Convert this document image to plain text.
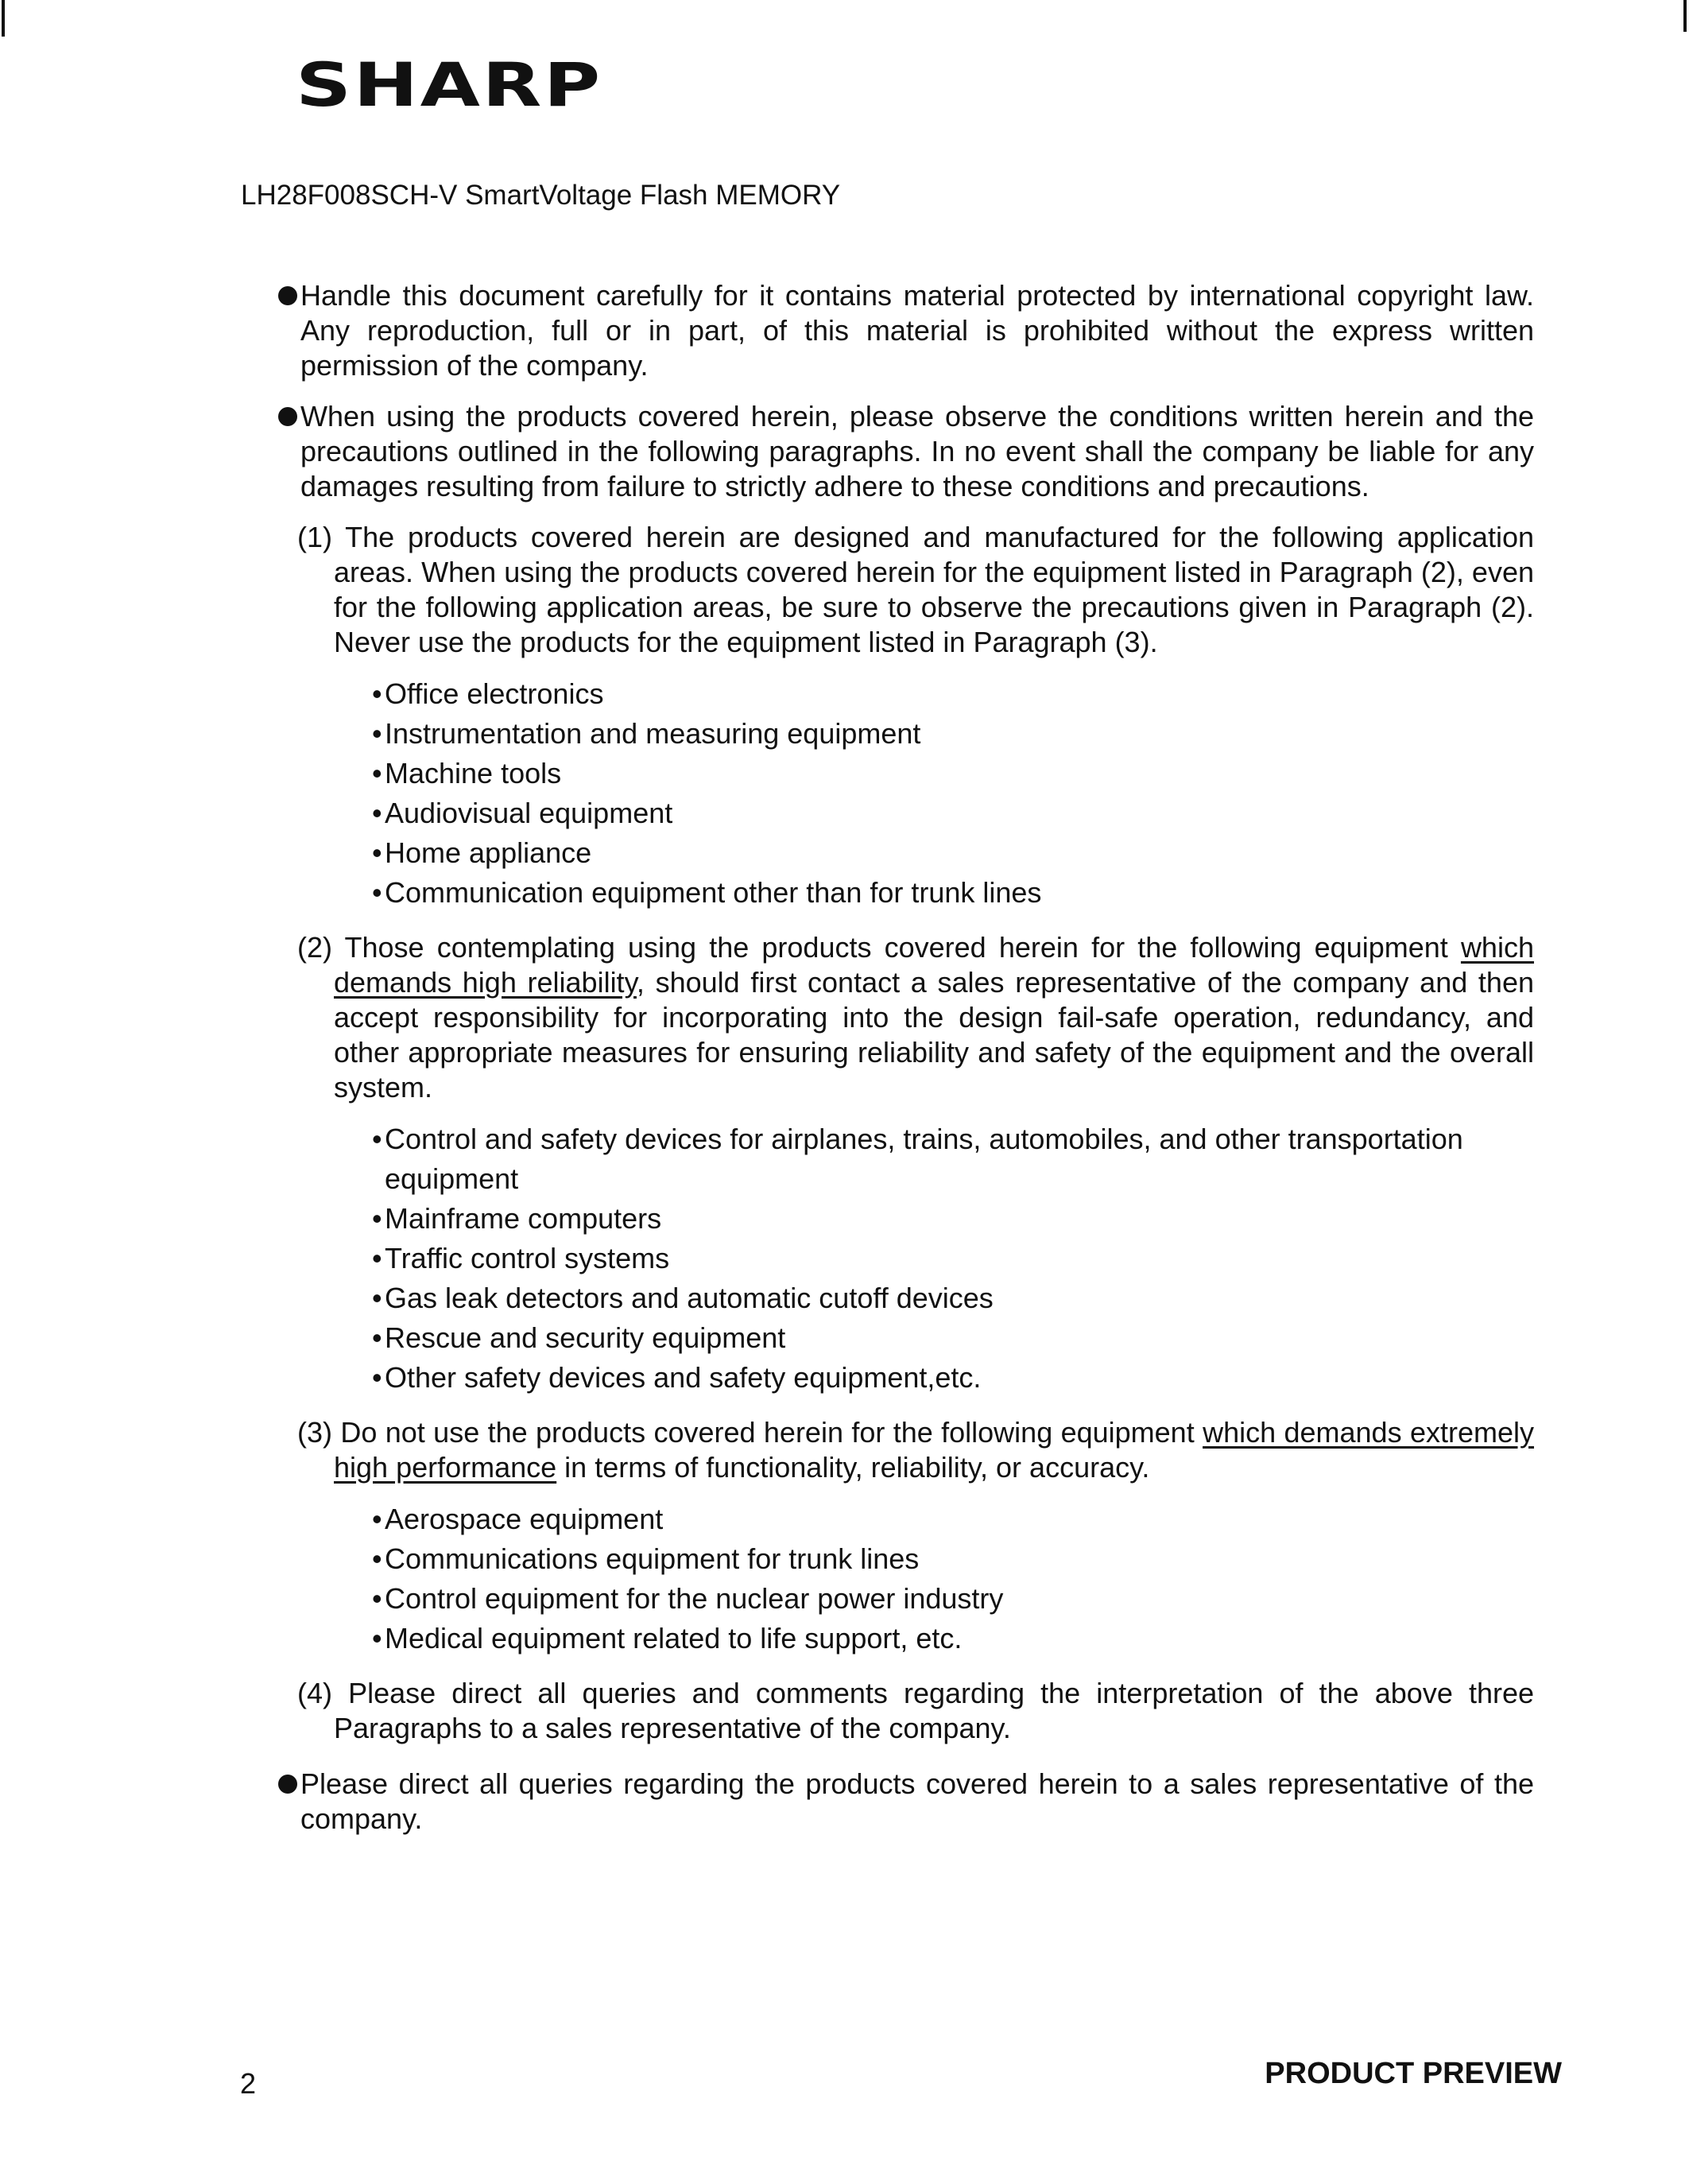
SHARP
LH28F008SCH-V SmartVoltage Flash MEMORY
Handle this document carefully for it contains material protected by international copyright law. Any reproduction, full or in part, of this material is prohibited without the express written permission of the company.
When using the products covered herein, please observe the conditions written herein and the precautions outlined in the following paragraphs. In no event shall the company be liable for any damages resulting from failure to strictly adhere to these conditions and precautions.
(1) The products covered herein are designed and manufactured for the following application areas. When using the products covered herein for the equipment listed in Paragraph (2), even for the following application areas, be sure to observe the precautions given in Paragraph (2). Never use the products for the equipment listed in Paragraph (3).
•Office electronics
•Instrumentation and measuring equipment
•Machine tools
•Audiovisual equipment
•Home appliance
•Communication equipment other than for trunk lines
(2) Those contemplating using the products covered herein for the following equipment which demands high reliability, should first contact a sales representative of the company and then accept responsibility for incorporating into the design fail-safe operation, redundancy, and other appropriate measures for ensuring reliability and safety of the equipment and the overall system.
•Control and safety devices for airplanes, trains, automobiles, and other transportation equipment
•Mainframe computers
•Traffic control systems
•Gas leak detectors and automatic cutoff devices
•Rescue and security equipment
•Other safety devices and safety equipment,etc.
(3) Do not use the products covered herein for the following equipment which demands extremely high performance in terms of functionality, reliability, or accuracy.
•Aerospace equipment
•Communications equipment for trunk lines
•Control equipment for the nuclear power industry
•Medical equipment related to life support, etc.
(4) Please direct all queries and comments regarding the interpretation of the above three Paragraphs to a sales representative of the company.
Please direct all queries regarding the products covered herein to a sales representative of the company.
2	PRODUCT PREVIEW
